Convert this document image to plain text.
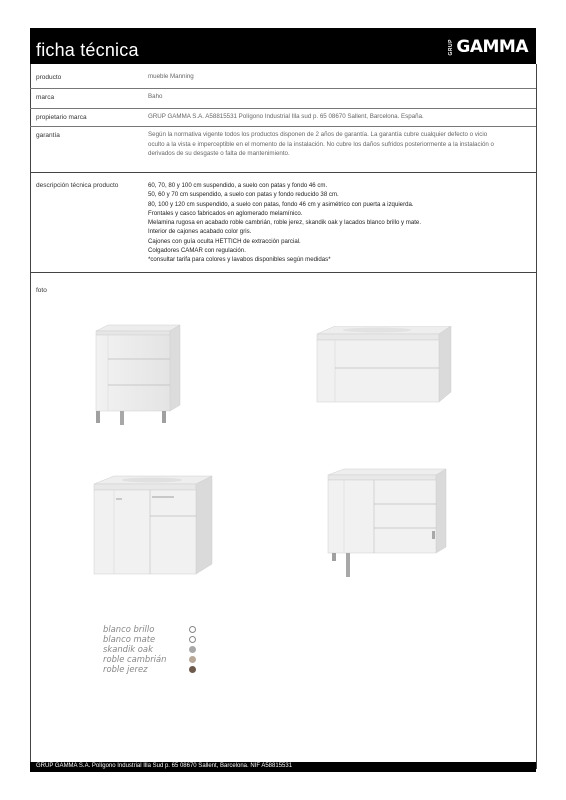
ficha técnica	GRUP GAMMA
producto	mueble Manning
marca	Baho
propietario marca	GRUP GAMMA S.A. A58815531 Polígono Industrial Illa sud p. 65 08670 Sallent, Barcelona. España.
garantía	Según la normativa vigente todos los productos disponen de 2 años de garantía. La garantía cubre cualquier defecto o vicio
oculto a la vista e imperceptible en el momento de la instalación. No cubre los daños sufridos posteriormente a la instalación o
derivados de su desgaste o falta de mantenimiento.
descripción técnica producto	60, 70, 80 y 100 cm suspendido, a suelo con patas y fondo 46 cm.
50, 60 y 70 cm suspendido, a suelo con patas y fondo reducido 38 cm.
80, 100 y 120 cm suspendido, a suelo con patas, fondo 46 cm y asimétrico con puerta a izquierda.
Frontales y casco fabricados en aglomerado melamínico.
Melamina rugosa en acabado roble cambrián, roble jerez, skandik oak y lacados blanco brillo y mate.
Interior de cajones acabado color gris.
Cajones con guía oculta HETTICH de extracción parcial.
Colgadores CAMAR con regulación.
*consultar tarifa para colores y lavabos disponibles según medidas*
foto
blanco brillo
blanco mate
skandik oak
roble cambrián
roble jerez
GRUP GAMMA S.A. Polígono Industrial Illa Sud p. 65 08670 Sallent, Barcelona. NIF A58815531
